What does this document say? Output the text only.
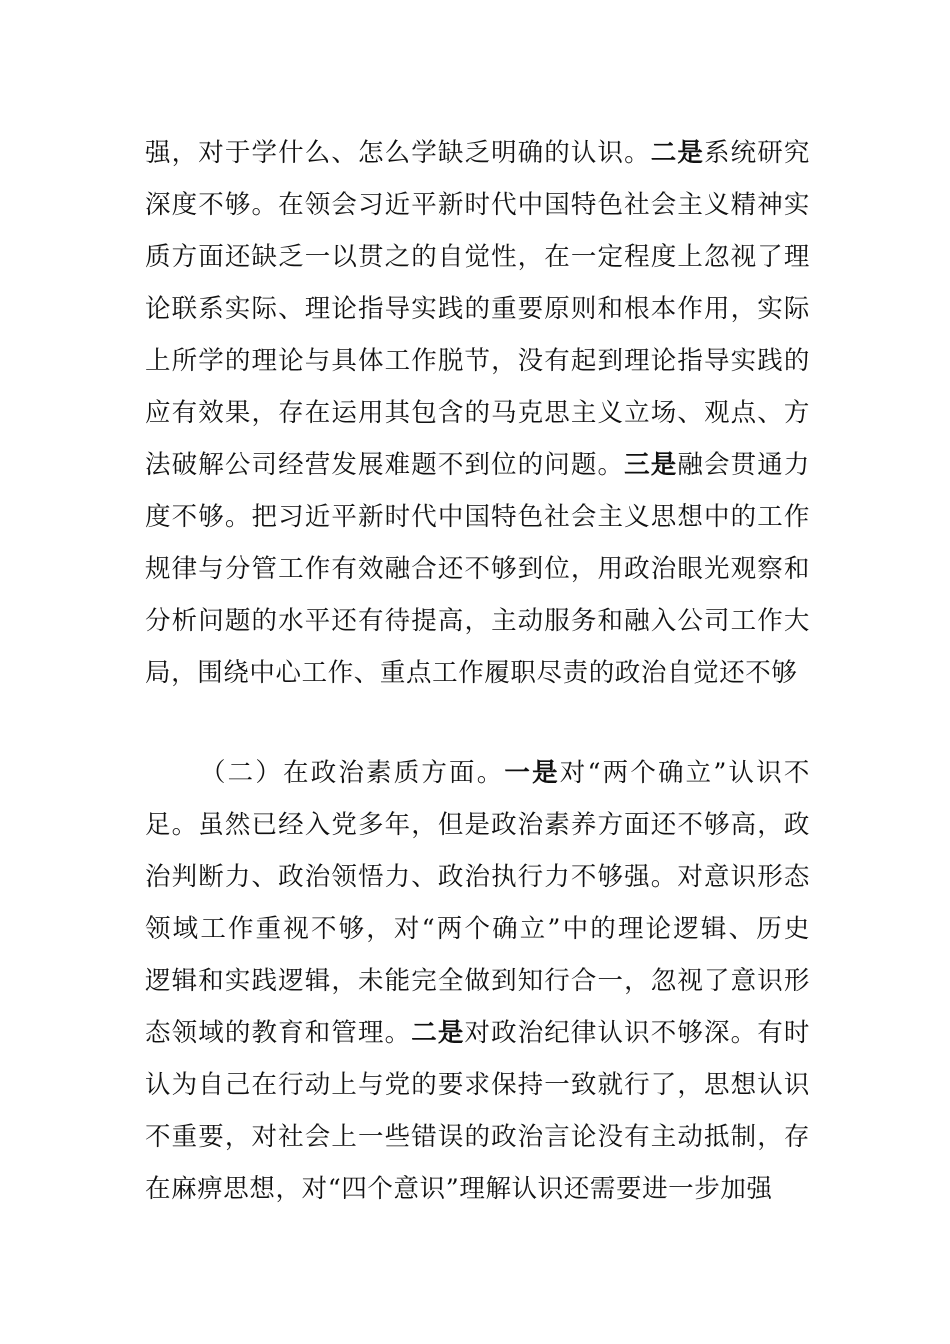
强，对于学什么、怎么学缺乏明确的认识。二是系统研究
深度不够。在领会习近平新时代中国特色社会主义精神实
质方面还缺乏一以贯之的自觉性，在一定程度上忽视了理
论联系实际、理论指导实践的重要原则和根本作用，实际
上所学的理论与具体工作脱节，没有起到理论指导实践的
应有效果，存在运用其包含的马克思主义立场、观点、方
法破解公司经营发展难题不到位的问题。三是融会贯通力
度不够。把习近平新时代中国特色社会主义思想中的工作
规律与分管工作有效融合还不够到位，用政治眼光观察和
分析问题的水平还有待提高，主动服务和融入公司工作大
局，围绕中心工作、重点工作履职尽责的政治自觉还不够
（二）在政治素质方面。一是对“两个确立”认识不
足。虽然已经入党多年，但是政治素养方面还不够高，政
治判断力、政治领悟力、政治执行力不够强。对意识形态
领域工作重视不够，对“两个确立”中的理论逻辑、历史
逻辑和实践逻辑，未能完全做到知行合一，忽视了意识形
态领域的教育和管理。二是对政治纪律认识不够深。有时
认为自己在行动上与党的要求保持一致就行了，思想认识
不重要，对社会上一些错误的政治言论没有主动抵制，存
在麻痹思想，对“四个意识”理解认识还需要进一步加强
